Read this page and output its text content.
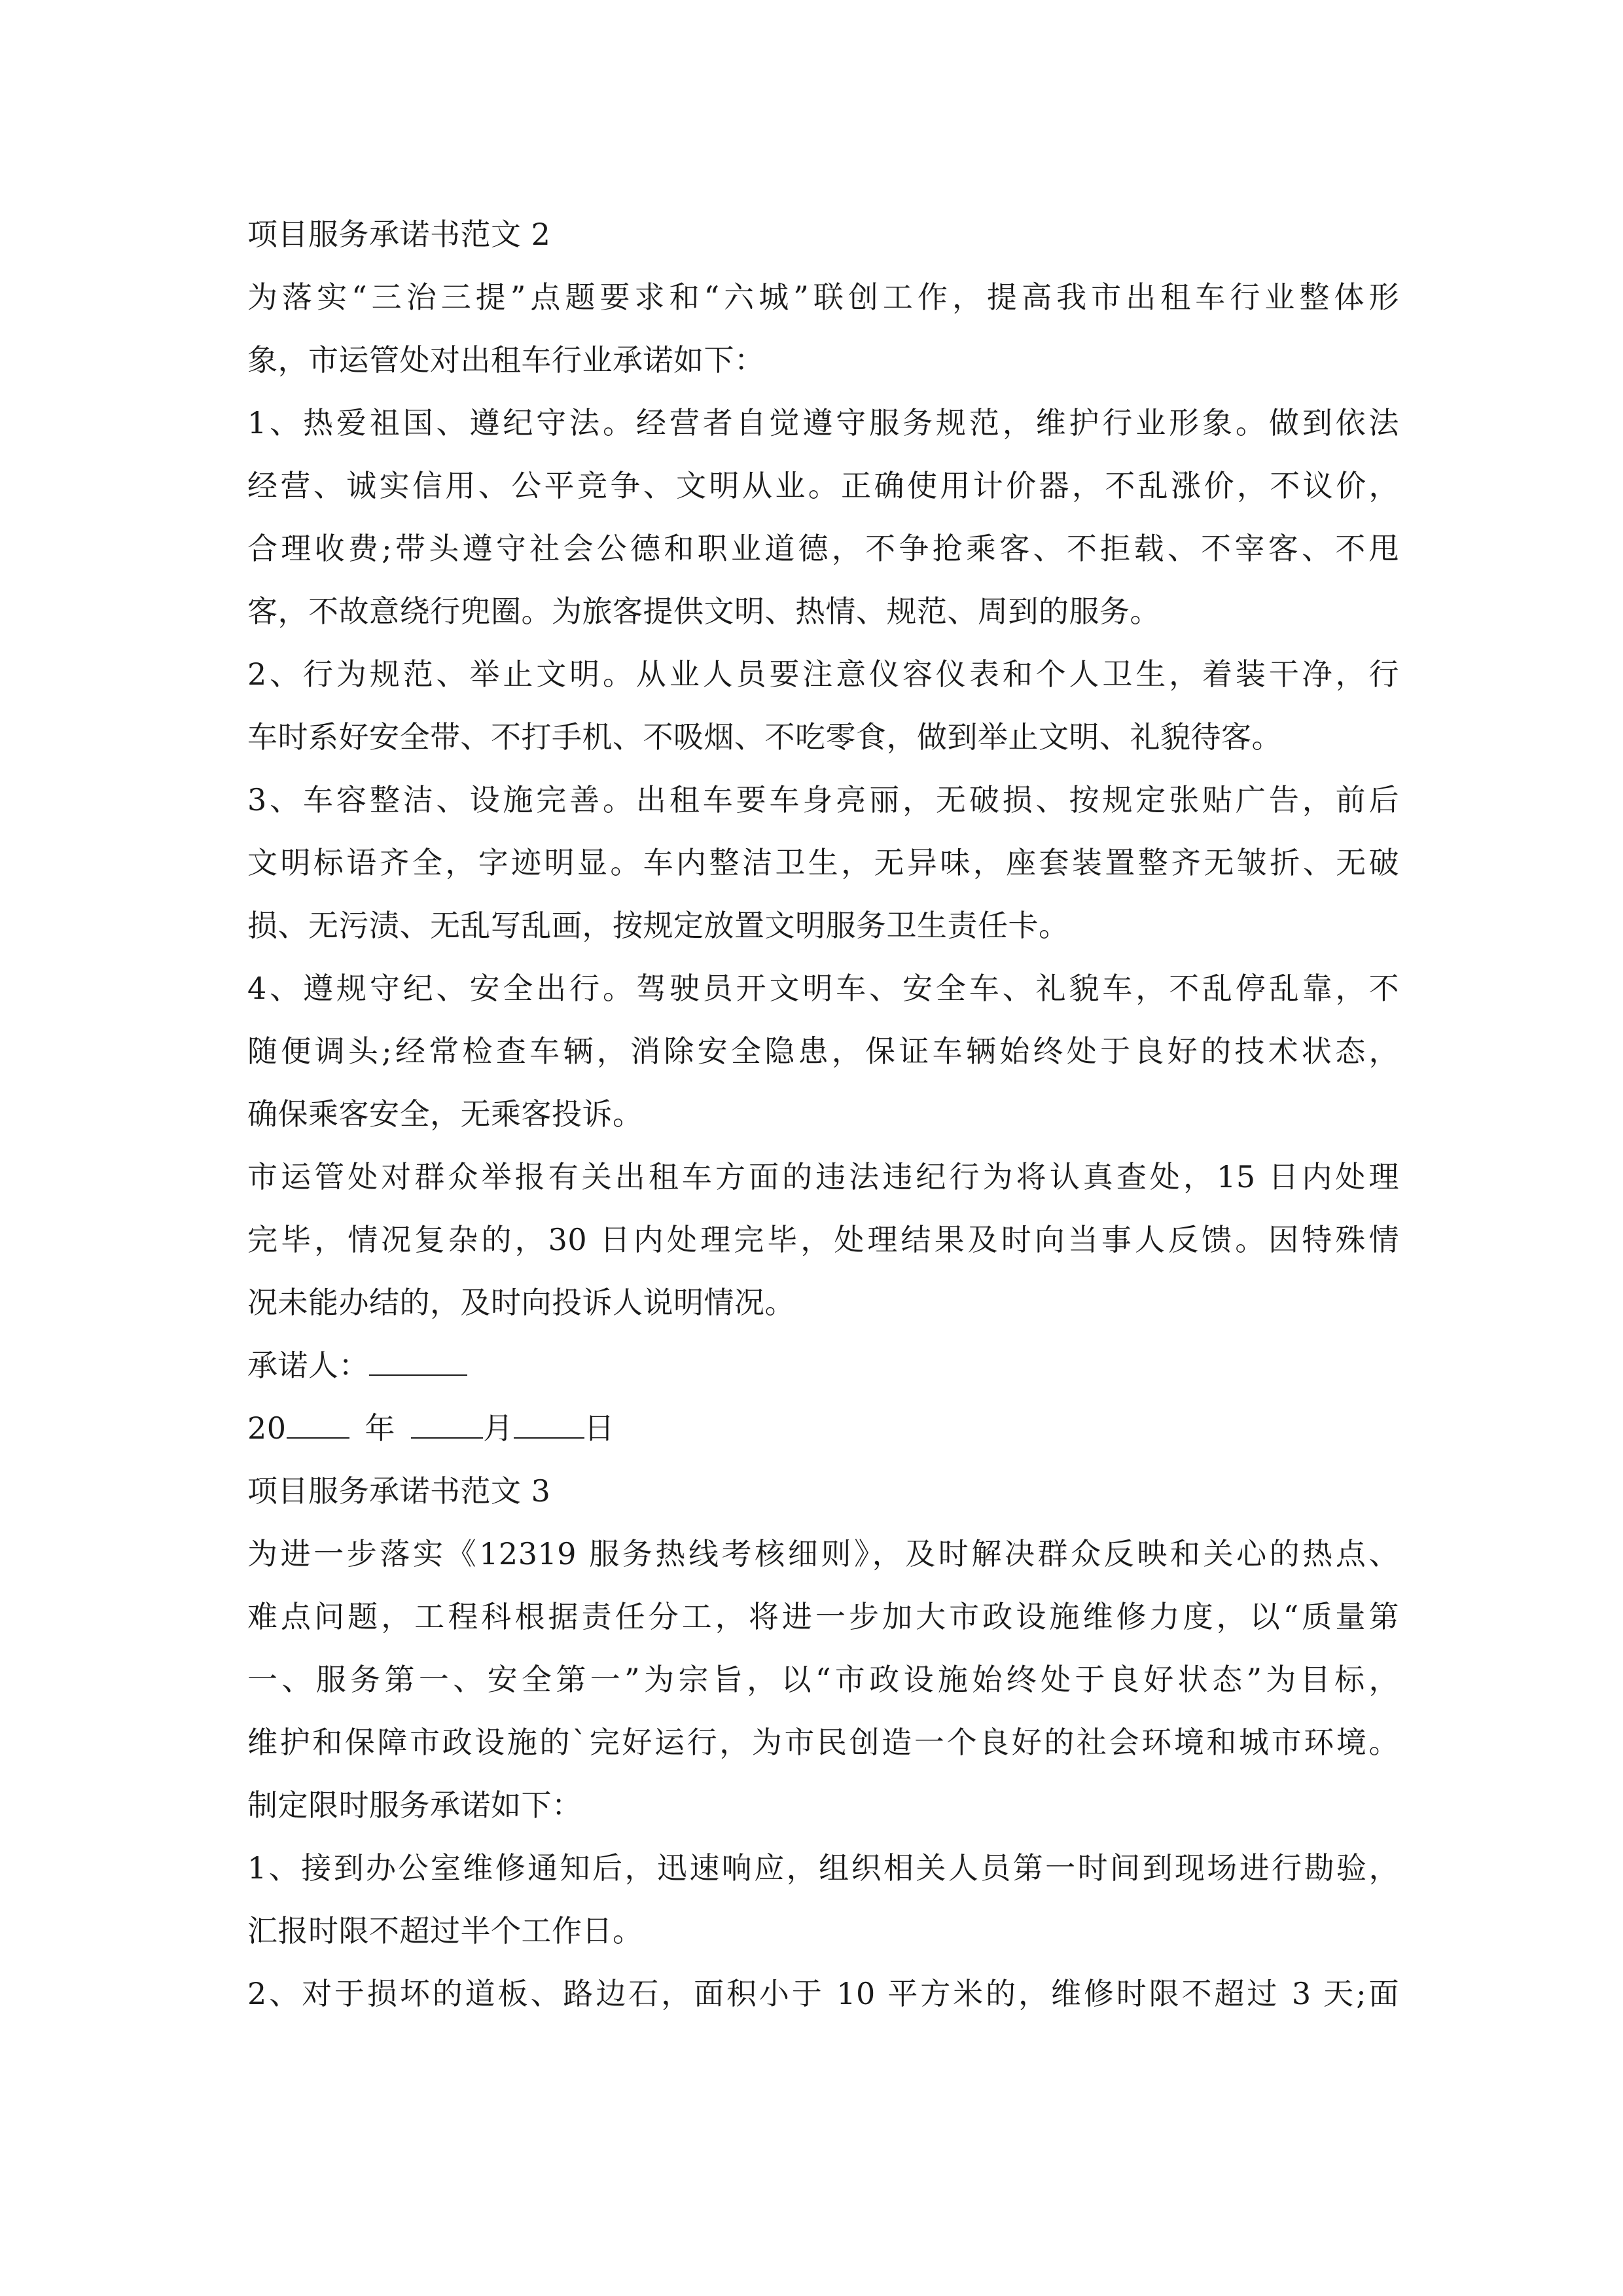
项目服务承诺书范文 2
为落实“三治三提”点题要求和“六城”联创工作，提高我市出租车行业整体形
象，市运管处对出租车行业承诺如下：
1、热爱祖国、遵纪守法。经营者自觉遵守服务规范，维护行业形象。做到依法
经营、诚实信用、公平竞争、文明从业。正确使用计价器，不乱涨价，不议价，
合理收费;带头遵守社会公德和职业道德，不争抢乘客、不拒载、不宰客、不甩
客，不故意绕行兜圈。为旅客提供文明、热情、规范、周到的服务。
2、行为规范、举止文明。从业人员要注意仪容仪表和个人卫生，着装干净，行
车时系好安全带、不打手机、不吸烟、不吃零食，做到举止文明、礼貌待客。
3、车容整洁、设施完善。出租车要车身亮丽，无破损、按规定张贴广告，前后
文明标语齐全，字迹明显。车内整洁卫生，无异味，座套装置整齐无皱折、无破
损、无污渍、无乱写乱画，按规定放置文明服务卫生责任卡。
4、遵规守纪、安全出行。驾驶员开文明车、安全车、礼貌车，不乱停乱靠，不
随便调头;经常检查车辆，消除安全隐患，保证车辆始终处于良好的技术状态，
确保乘客安全，无乘客投诉。
市运管处对群众举报有关出租车方面的违法违纪行为将认真查处，15 日内处理
完毕，情况复杂的，30 日内处理完毕，处理结果及时向当事人反馈。因特殊情
况未能办结的，及时向投诉人说明情况。
承诺人：
20	年	月 日
项目服务承诺书范文 3
为进一步落实《12319 服务热线考核细则》，及时解决群众反映和关心的热点、
难点问题，工程科根据责任分工，将进一步加大市政设施维修力度，以“质量第
一、服务第一、安全第一”为宗旨，以“市政设施始终处于良好状态”为目标，
维护和保障市政设施的`完好运行，为市民创造一个良好的社会环境和城市环境。
制定限时服务承诺如下：
1、接到办公室维修通知后，迅速响应，组织相关人员第一时间到现场进行勘验，
汇报时限不超过半个工作日。
2、对于损坏的道板、路边石，面积小于 10 平方米的，维修时限不超过 3 天;面
